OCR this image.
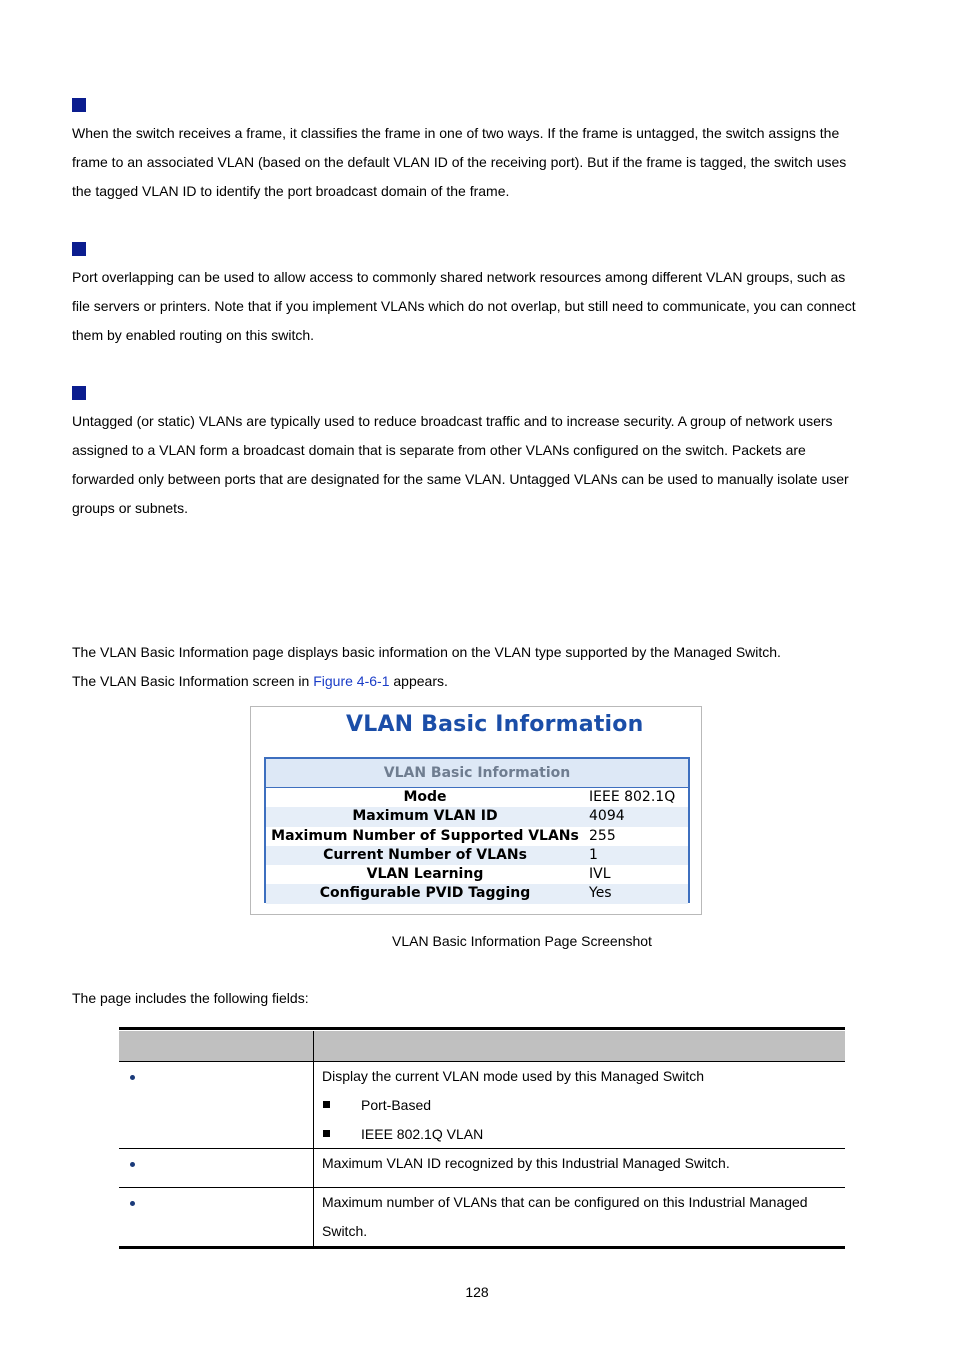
When the switch receives a frame, it classifies the frame in one of two ways. If the frame is untagged, the switch assigns the
frame to an associated VLAN (based on the default VLAN ID of the receiving port). But if the frame is tagged, the switch uses
the tagged VLAN ID to identify the port broadcast domain of the frame.

Port overlapping can be used to allow access to commonly shared network resources among different VLAN groups, such as
file servers or printers. Note that if you implement VLANs which do not overlap, but still need to communicate, you can connect
them by enabled routing on this switch.

Untagged (or static) VLANs are typically used to reduce broadcast traffic and to increase security. A group of network users
assigned to a VLAN form a broadcast domain that is separate from other VLANs configured on the switch. Packets are
forwarded only between ports that are designated for the same VLAN. Untagged VLANs can be used to manually isolate user
groups or subnets.

The VLAN Basic Information page displays basic information on the VLAN type supported by the Managed Switch.
The VLAN Basic Information screen in Figure 4-6-1 appears.

VLAN Basic Information
VLAN Basic Information
Mode	IEEE 802.1Q
Maximum VLAN ID	4094
Maximum Number of Supported VLANs 255
Current Number of VLANs	1
VLAN Learning	IVL
Configurable PVID Tagging	Yes
VLAN Basic Information Page Screenshot

The page includes the following fields:

Display the current VLAN mode used by this Managed Switch
Port-Based
IEEE 802.1Q VLAN
Maximum VLAN ID recognized by this Industrial Managed Switch.
Maximum number of VLANs that can be configured on this Industrial Managed
Switch.
128
